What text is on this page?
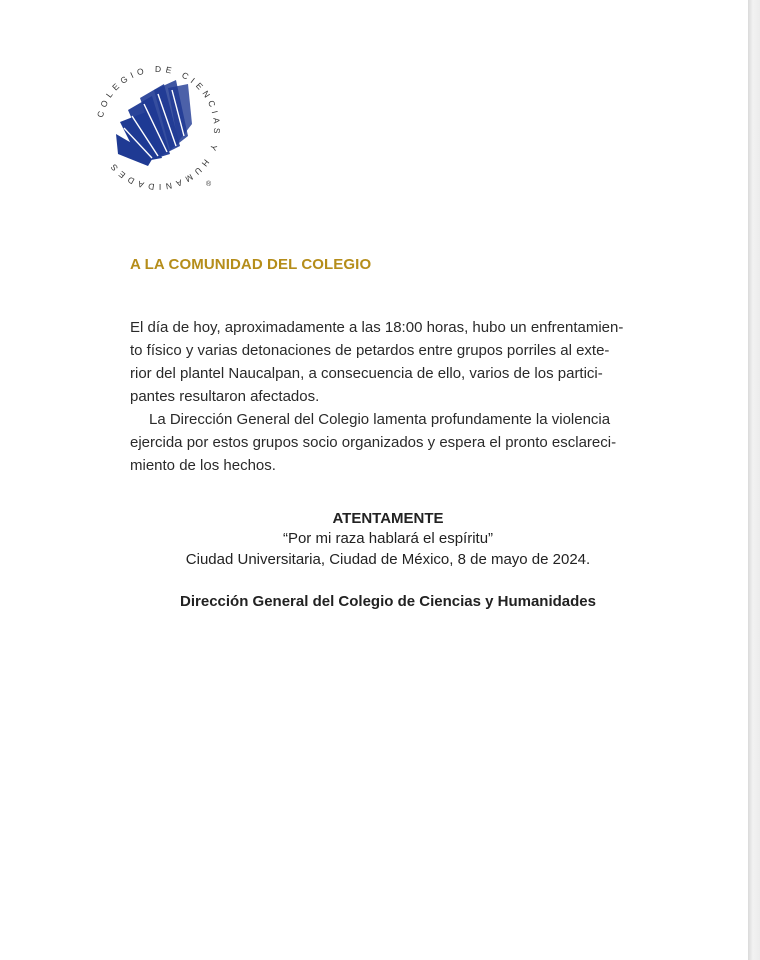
COLEGIO DE CIENCIAS Y HUMANIDADES
®
A LA COMUNIDAD DEL COLEGIO
El día de hoy, aproximadamente a las 18:00 horas, hubo un enfrentamien-
to físico y varias detonaciones de petardos entre grupos porriles al exte-
rior del plantel Naucalpan, a consecuencia de ello, varios de los partici-
pantes resultaron afectados.
La Dirección General del Colegio lamenta profundamente la violencia
ejercida por estos grupos socio organizados y espera el pronto esclareci-
miento de los hechos.
ATENTAMENTE
“Por mi raza hablará el espíritu”
Ciudad Universitaria, Ciudad de México, 8 de mayo de 2024.
Dirección General del Colegio de Ciencias y Humanidades
